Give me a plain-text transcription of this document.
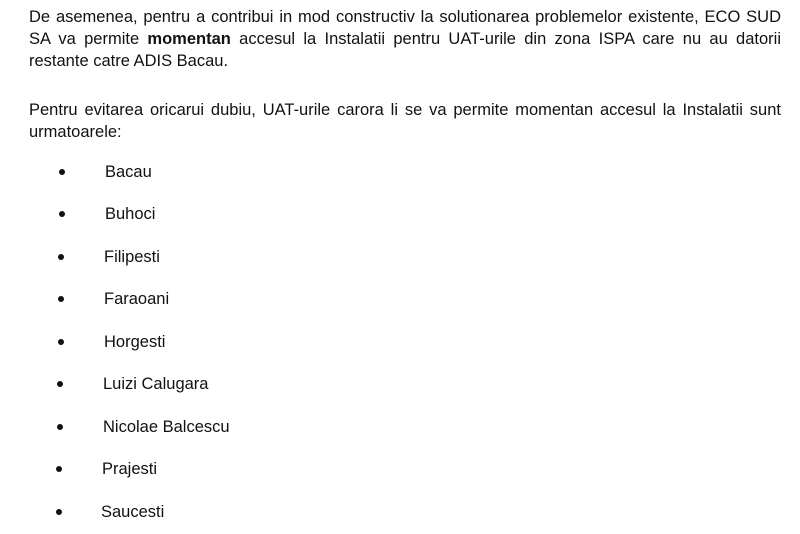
De asemenea, pentru a contribui in mod constructiv la solutionarea problemelor existente, ECO SUD SA va permite momentan accesul la Instalatii pentru UAT-urile din zona ISPA care nu au datorii restante catre ADIS Bacau.

Pentru evitarea oricarui dubiu, UAT-urile carora li se va permite momentan accesul la Instalatii sunt urmatoarele:

Bacau
Buhoci
Filipesti
Faraoani
Horgesti
Luizi Calugara
Nicolae Balcescu
Prajesti
Saucesti
